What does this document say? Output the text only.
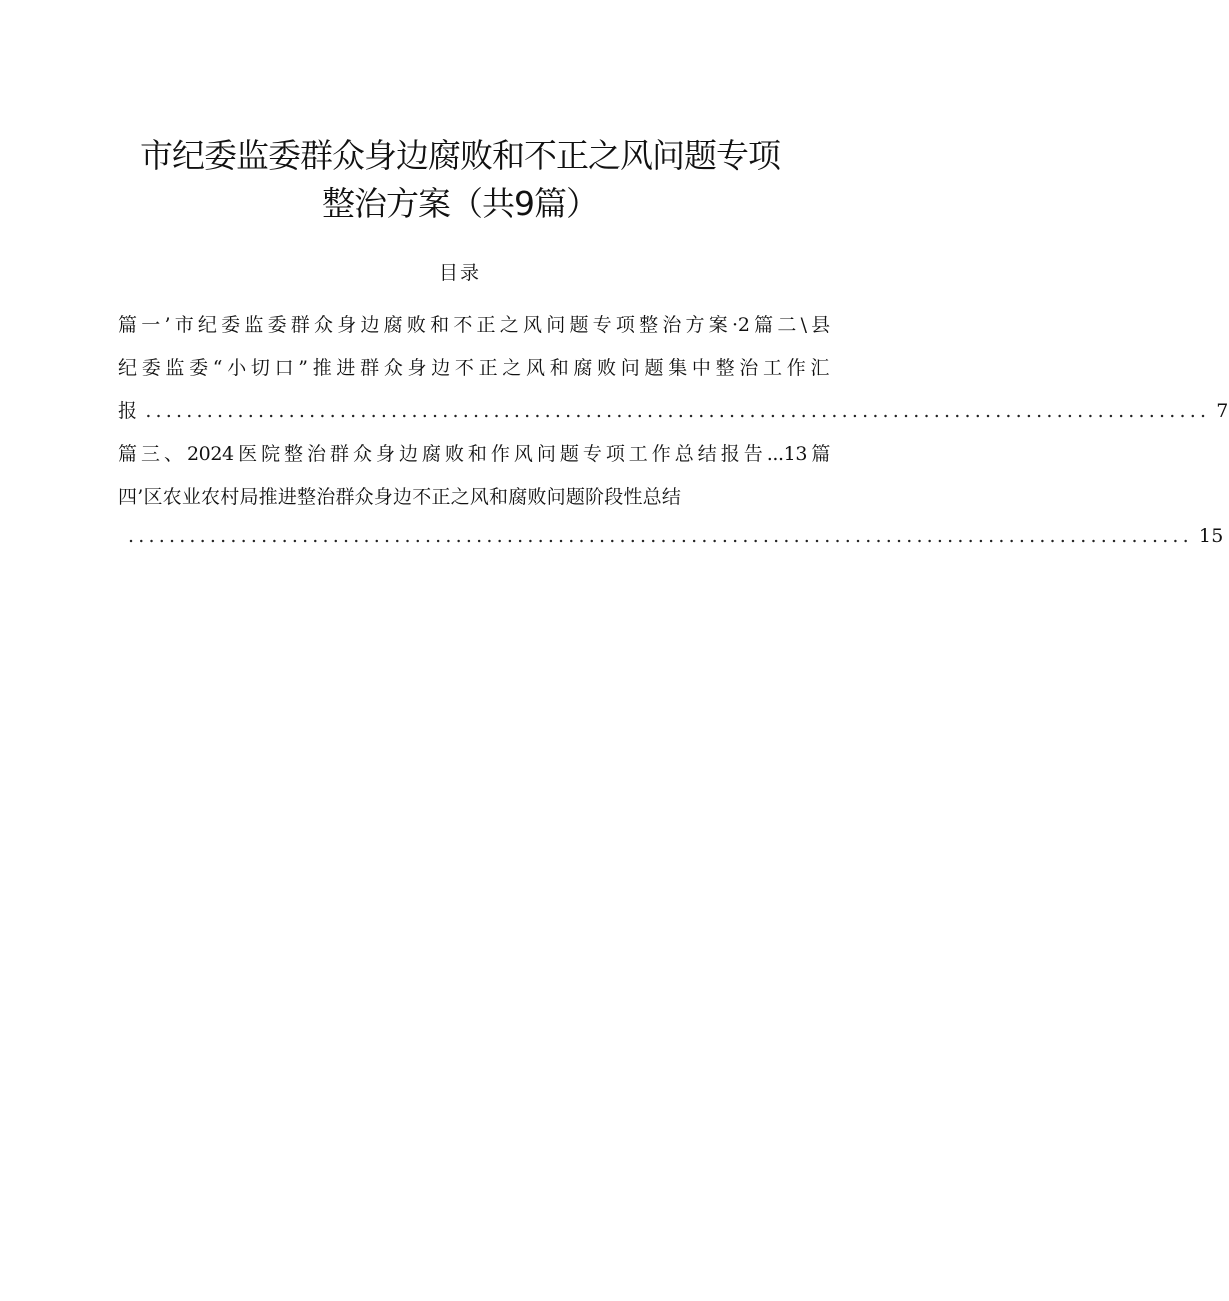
市纪委监委群众身边腐败和不正之风问题专项
整治方案（共9篇）
目录
篇一’市纪委监委群众身边腐败和不正之风问题专项整治方案·2篇二\县
纪委监委“小切口”推进群众身边不正之风和腐败问题集中整治工作汇
报 ........................................................................................................ 7
篇三、2024医院整治群众身边腐败和作风问题专项工作总结报告...13篇
四’区农业农村局推进整治群众身边不正之风和腐败问题阶段性总结
........................................................................................................ 15
